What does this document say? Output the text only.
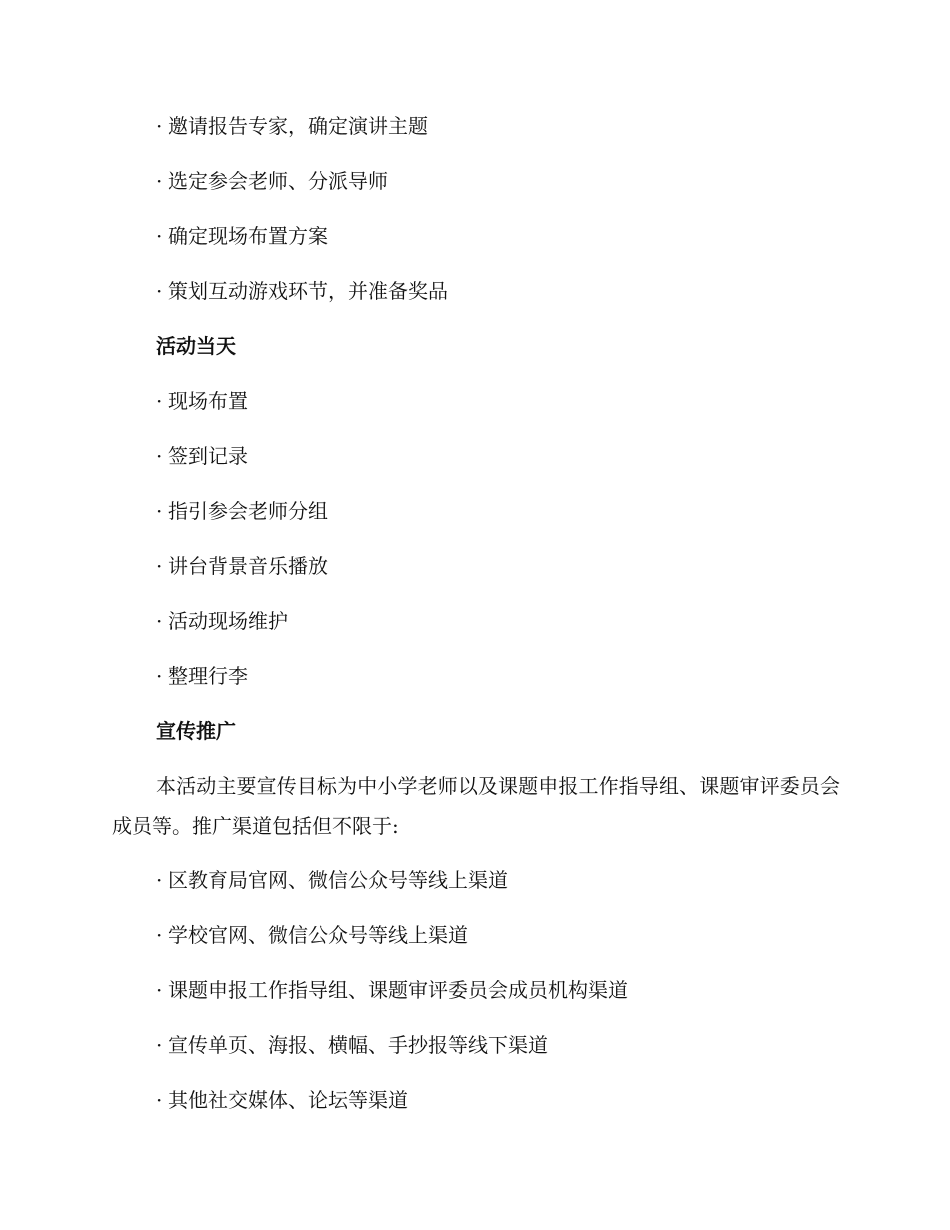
· 邀请报告专家，确定演讲主题
· 选定参会老师、分派导师
· 确定现场布置方案
· 策划互动游戏环节，并准备奖品
活动当天
· 现场布置
· 签到记录
· 指引参会老师分组
· 讲台背景音乐播放
· 活动现场维护
· 整理行李
宣传推广

本活动主要宣传目标为中小学老师以及课题申报工作指导组、课题审评委员会成员等。推广渠道包括但不限于:

· 区教育局官网、微信公众号等线上渠道
· 学校官网、微信公众号等线上渠道
· 课题申报工作指导组、课题审评委员会成员机构渠道
· 宣传单页、海报、横幅、手抄报等线下渠道
· 其他社交媒体、论坛等渠道
